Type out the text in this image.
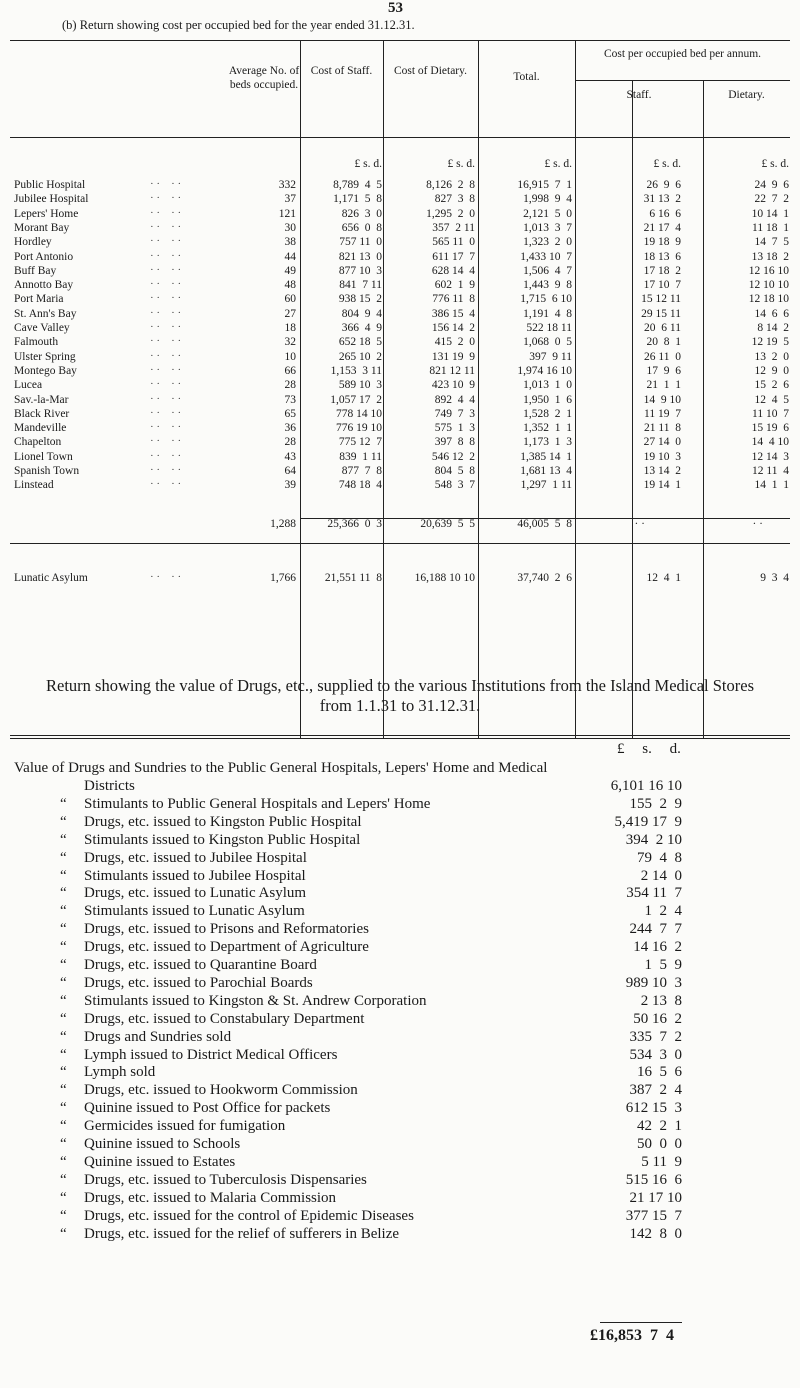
53
(b) Return showing cost per occupied bed for the year ended 31.12.31.
Average No. of beds occupied.
Cost of Staff.	Cost of Dietary.	Total.
Cost per occupied bed per annum.
Staff.	Dietary.
£ s. d.	£ s. d.	£ s. d.	£ s. d.	£ s. d.
Public Hospital	· ·    · ·	332	8,789  4  5	8,126  2  8	16,915  7  1	26  9  6	24  9  6
Jubilee Hospital	· ·    · ·	37	1,171  5  8	827  3  8	1,998  9  4	31 13  2	22  7  2
Lepers' Home	· ·    · ·	121	826  3  0	1,295  2  0	2,121  5  0	6 16  6	10 14  1
Morant Bay	· ·    · ·	30	656  0  8	357  2 11	1,013  3  7	21 17  4	11 18  1
Hordley	· ·    · ·	38	757 11  0	565 11  0	1,323  2  0	19 18  9	14  7  5
Port Antonio	· ·    · ·	44	821 13  0	611 17  7	1,433 10  7	18 13  6	13 18  2
Buff Bay	· ·    · ·	49	877 10  3	628 14  4	1,506  4  7	17 18  2	12 16 10
Annotto Bay	· ·    · ·	48	841  7 11	602  1  9	1,443  9  8	17 10  7	12 10 10
Port Maria	· ·    · ·	60	938 15  2	776 11  8	1,715  6 10	15 12 11	12 18 10
St. Ann's Bay	· ·    · ·	27	804  9  4	386 15  4	1,191  4  8	29 15 11	14  6  6
Cave Valley	· ·    · ·	18	366  4  9	156 14  2	522 18 11	20  6 11	8 14  2
Falmouth	· ·    · ·	32	652 18  5	415  2  0	1,068  0  5	20  8  1	12 19  5
Ulster Spring	· ·    · ·	10	265 10  2	131 19  9	397  9 11	26 11  0	13  2  0
Montego Bay	· ·    · ·	66	1,153  3 11	821 12 11	1,974 16 10	17  9  6	12  9  0
Lucea	· ·    · ·	28	589 10  3	423 10  9	1,013  1  0	21  1  1	15  2  6
Sav.-la-Mar	· ·    · ·	73	1,057 17  2	892  4  4	1,950  1  6	14  9 10	12  4  5
Black River	· ·    · ·	65	778 14 10	749  7  3	1,528  2  1	11 19  7	11 10  7
Mandeville	· ·    · ·	36	776 19 10	575  1  3	1,352  1  1	21 11  8	15 19  6
Chapelton	· ·    · ·	28	775 12  7	397  8  8	1,173  1  3	27 14  0	14  4 10
Lionel Town	· ·    · ·	43	839  1 11	546 12  2	1,385 14  1	19 10  3	12 14  3
Spanish Town	· ·    · ·	64	877  7  8	804  5  8	1,681 13  4	13 14  2	12 11  4
Linstead	· ·    · ·	39	748 18  4	548  3  7	1,297  1 11	19 14  1	14  1  1
1,288	25,366  0  3	20,639  5  5	46,005  5  8	· ·	· ·
Lunatic Asylum	· ·    · ·	1,766	21,551 11  8	16,188 10 10	37,740  2  6	12  4  1	9  3  4
Return showing the value of Drugs, etc., supplied to the various Institutions from the Island Medical Stores
from 1.1.31 to 31.12.31.
£ s. d.
Value of Drugs and Sundries to the Public General Hospitals, Lepers' Home and Medical
Districts	6,101 16 10
“ Stimulants to Public General Hospitals and Lepers' Home	155  2  9
“ Drugs, etc. issued to Kingston Public Hospital	5,419 17  9
“ Stimulants issued to Kingston Public Hospital	394  2 10
“ Drugs, etc. issued to Jubilee Hospital	79  4  8
“ Stimulants issued to Jubilee Hospital	2 14  0
“ Drugs, etc. issued to Lunatic Asylum	354 11  7
“ Stimulants issued to Lunatic Asylum	1  2  4
“ Drugs, etc. issued to Prisons and Reformatories	244  7  7
“ Drugs, etc. issued to Department of Agriculture	14 16  2
“ Drugs, etc. issued to Quarantine Board	1  5  9
“ Drugs, etc. issued to Parochial Boards	989 10  3
“ Stimulants issued to Kingston & St. Andrew Corporation	2 13  8
“ Drugs, etc. issued to Constabulary Department	50 16  2
“ Drugs and Sundries sold	335  7  2
“ Lymph issued to District Medical Officers	534  3  0
“ Lymph sold	16  5  6
“ Drugs, etc. issued to Hookworm Commission	387  2  4
“ Quinine issued to Post Office for packets	612 15  3
“ Germicides issued for fumigation	42  2  1
“ Quinine issued to Schools	50  0  0
“ Quinine issued to Estates	5 11  9
“ Drugs, etc. issued to Tuberculosis Dispensaries	515 16  6
“ Drugs, etc. issued to Malaria Commission	21 17 10
“ Drugs, etc. issued for the control of Epidemic Diseases	377 15  7
“ Drugs, etc. issued for the relief of sufferers in Belize	142  8  0
£16,853  7  4
